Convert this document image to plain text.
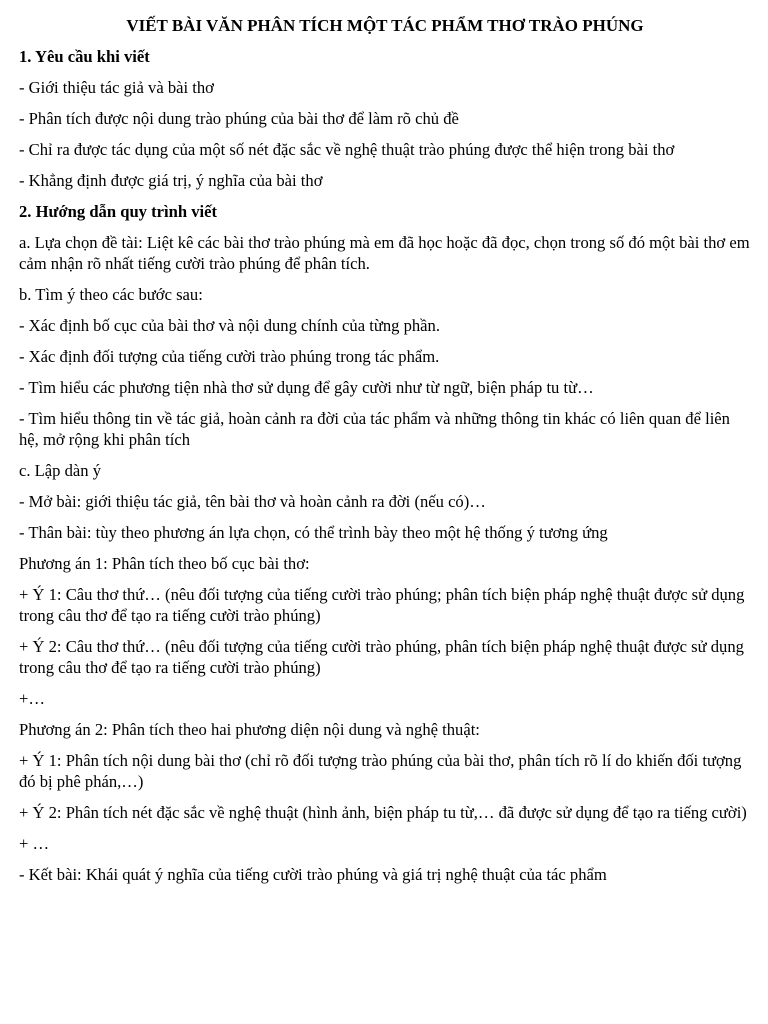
VIẾT BÀI VĂN PHÂN TÍCH MỘT TÁC PHẨM THƠ TRÀO PHÚNG
1. Yêu cầu khi viết
- Giới thiệu tác giả và bài thơ
- Phân tích được nội dung trào phúng của bài thơ để làm rõ chủ đề
- Chỉ ra được tác dụng của một số nét đặc sắc về nghệ thuật trào phúng được thể hiện trong bài thơ
- Khẳng định được giá trị, ý nghĩa của bài thơ
2. Hướng dẫn quy trình viết
a. Lựa chọn đề tài: Liệt kê các bài thơ trào phúng mà em đã học hoặc đã đọc, chọn trong số đó một bài thơ em cảm nhận rõ nhất tiếng cười trào phúng để phân tích.
b. Tìm ý theo các bước sau:
- Xác định bố cục của bài thơ và nội dung chính của từng phần.
- Xác định đối tượng của tiếng cười trào phúng trong tác phẩm.
- Tìm hiểu các phương tiện nhà thơ sử dụng để gây cười như từ ngữ, biện pháp tu từ…
- Tìm hiểu thông tin về tác giả, hoàn cảnh ra đời của tác phẩm và những thông tin khác có liên quan để liên hệ, mở rộng khi phân tích
c. Lập dàn ý
- Mở bài: giới thiệu tác giả, tên bài thơ và hoàn cảnh ra đời (nếu có)…
- Thân bài: tùy theo phương án lựa chọn, có thể trình bày theo một hệ thống ý tương ứng
Phương án 1: Phân tích theo bố cục bài thơ:
+ Ý 1: Câu thơ thứ… (nêu đối tượng của tiếng cười trào phúng; phân tích biện pháp nghệ thuật được sử dụng trong câu thơ để tạo ra tiếng cười trào phúng)
+ Ý 2: Câu thơ thứ… (nêu đối tượng của tiếng cười trào phúng, phân tích biện pháp nghệ thuật được sử dụng trong câu thơ để tạo ra tiếng cười trào phúng)
+…
Phương án 2: Phân tích theo hai phương diện nội dung và nghệ thuật:
+ Ý 1: Phân tích nội dung bài thơ (chỉ rõ đối tượng trào phúng của bài thơ, phân tích rõ lí do khiến đối tượng đó bị phê phán,…)
+ Ý 2: Phân tích nét đặc sắc về nghệ thuật (hình ảnh, biện pháp tu từ,… đã được sử dụng để tạo ra tiếng cười)
+ …
- Kết bài: Khái quát ý nghĩa của tiếng cười trào phúng và giá trị nghệ thuật của tác phẩm
